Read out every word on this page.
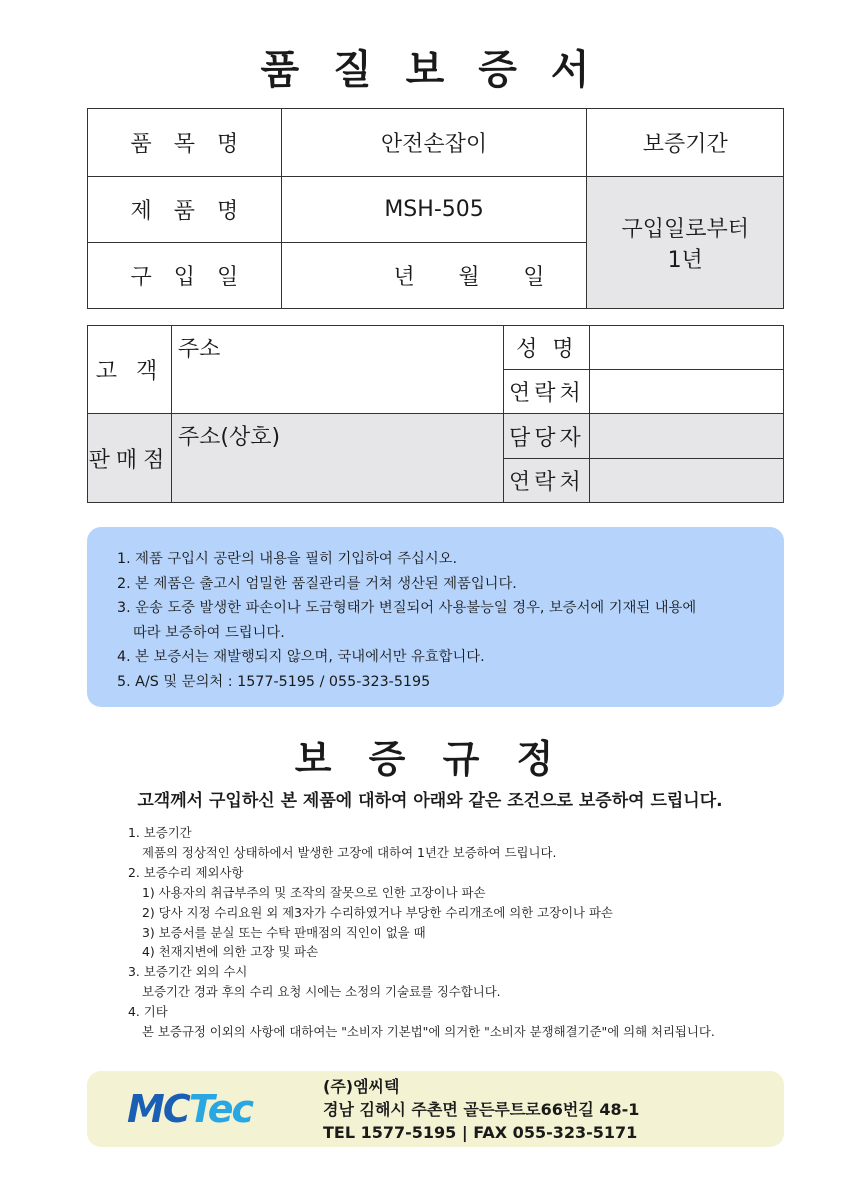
품 질 보 증 서
품목명	안전손잡이	보증기간
제품명	MSH-505	구입일로부터
1년

구입일	년 월 일	
고 객	주소	성 명	
		연락처	
판매점	주소(상호)	담당자	
		연락처	
1. 제품 구입시 공란의 내용을 필히 기입하여 주십시오.
2. 본 제품은 출고시 엄밀한 품질관리를 거쳐 생산된 제품입니다.
3. 운송 도중 발생한 파손이나 도금형태가 변질되어 사용불능일 경우, 보증서에 기재된 내용에
따라 보증하여 드립니다.
4. 본 보증서는 재발행되지 않으며, 국내에서만 유효합니다.
5. A/S 및 문의처 : 1577-5195 / 055-323-5195
보 증 규 정
고객께서 구입하신 본 제품에 대하여 아래와 같은 조건으로 보증하여 드립니다.
1. 보증기간
제품의 정상적인 상태하에서 발생한 고장에 대하여 1년간 보증하여 드립니다.
2. 보증수리 제외사항
1) 사용자의 취급부주의 및 조작의 잘못으로 인한 고장이나 파손
2) 당사 지정 수리요원 외 제3자가 수리하였거나 부당한 수리개조에 의한 고장이나 파손
3) 보증서를 분실 또는 수탁 판매점의 직인이 없을 때
4) 천재지변에 의한 고장 및 파손
3. 보증기간 외의 수시
보증기간 경과 후의 수리 요청 시에는 소정의 기술료를 징수합니다.
4. 기타
본 보증규정 이외의 사항에 대하여는 "소비자 기본법"에 의거한 "소비자 분쟁해결기준"에 의해 처리됩니다.
MCTec
(주)엠씨텍
경남 김해시 주촌면 골든루트로66번길 48-1
TEL 1577-5195 | FAX 055-323-5171
